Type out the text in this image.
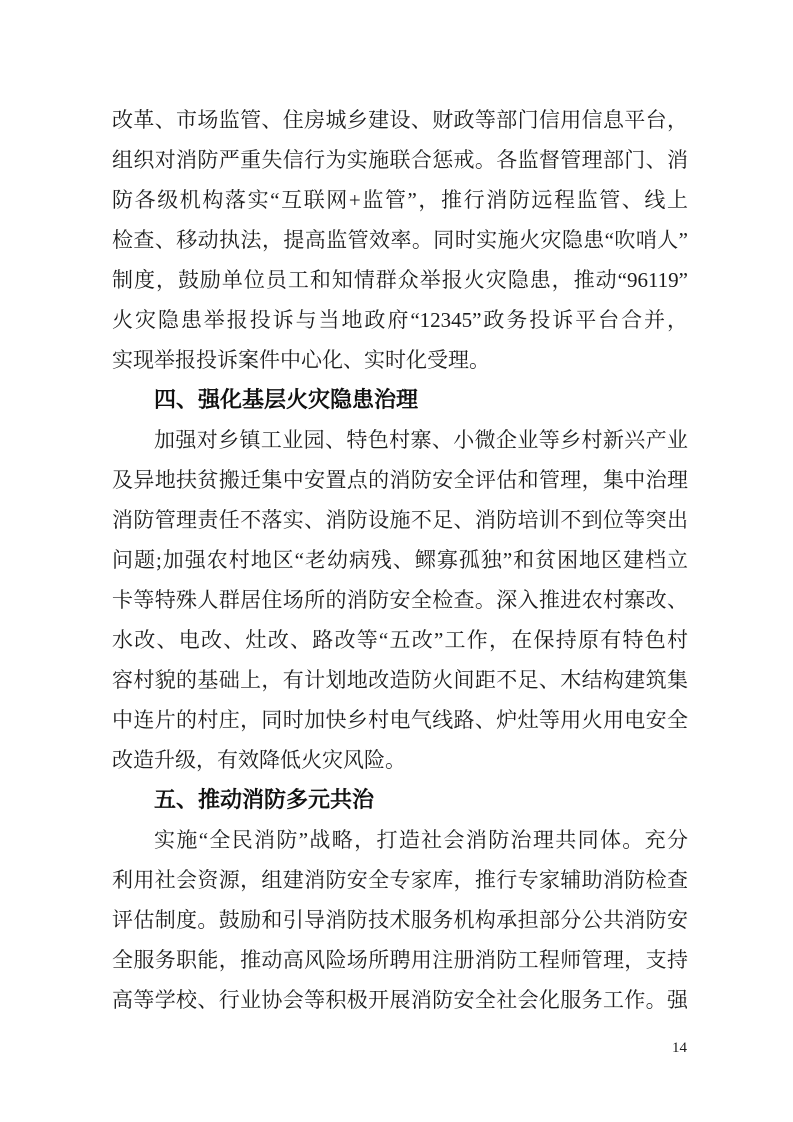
改革、市场监管、住房城乡建设、财政等部门信用信息平台，
组织对消防严重失信行为实施联合惩戒。各监督管理部门、消
防各级机构落实“互联网+监管”，推行消防远程监管、线上
检查、移动执法，提高监管效率。同时实施火灾隐患“吹哨人”
制度，鼓励单位员工和知情群众举报火灾隐患，推动“96119”
火灾隐患举报投诉与当地政府“12345”政务投诉平台合并，
实现举报投诉案件中心化、实时化受理。
四、强化基层火灾隐患治理
加强对乡镇工业园、特色村寨、小微企业等乡村新兴产业
及异地扶贫搬迁集中安置点的消防安全评估和管理，集中治理
消防管理责任不落实、消防设施不足、消防培训不到位等突出
问题;加强农村地区“老幼病残、鳏寡孤独”和贫困地区建档立
卡等特殊人群居住场所的消防安全检查。深入推进农村寨改、
水改、电改、灶改、路改等“五改”工作，在保持原有特色村
容村貌的基础上，有计划地改造防火间距不足、木结构建筑集
中连片的村庄，同时加快乡村电气线路、炉灶等用火用电安全
改造升级，有效降低火灾风险。
五、推动消防多元共治
实施“全民消防”战略，打造社会消防治理共同体。充分
利用社会资源，组建消防安全专家库，推行专家辅助消防检查
评估制度。鼓励和引导消防技术服务机构承担部分公共消防安
全服务职能，推动高风险场所聘用注册消防工程师管理，支持
高等学校、行业协会等积极开展消防安全社会化服务工作。强
14
